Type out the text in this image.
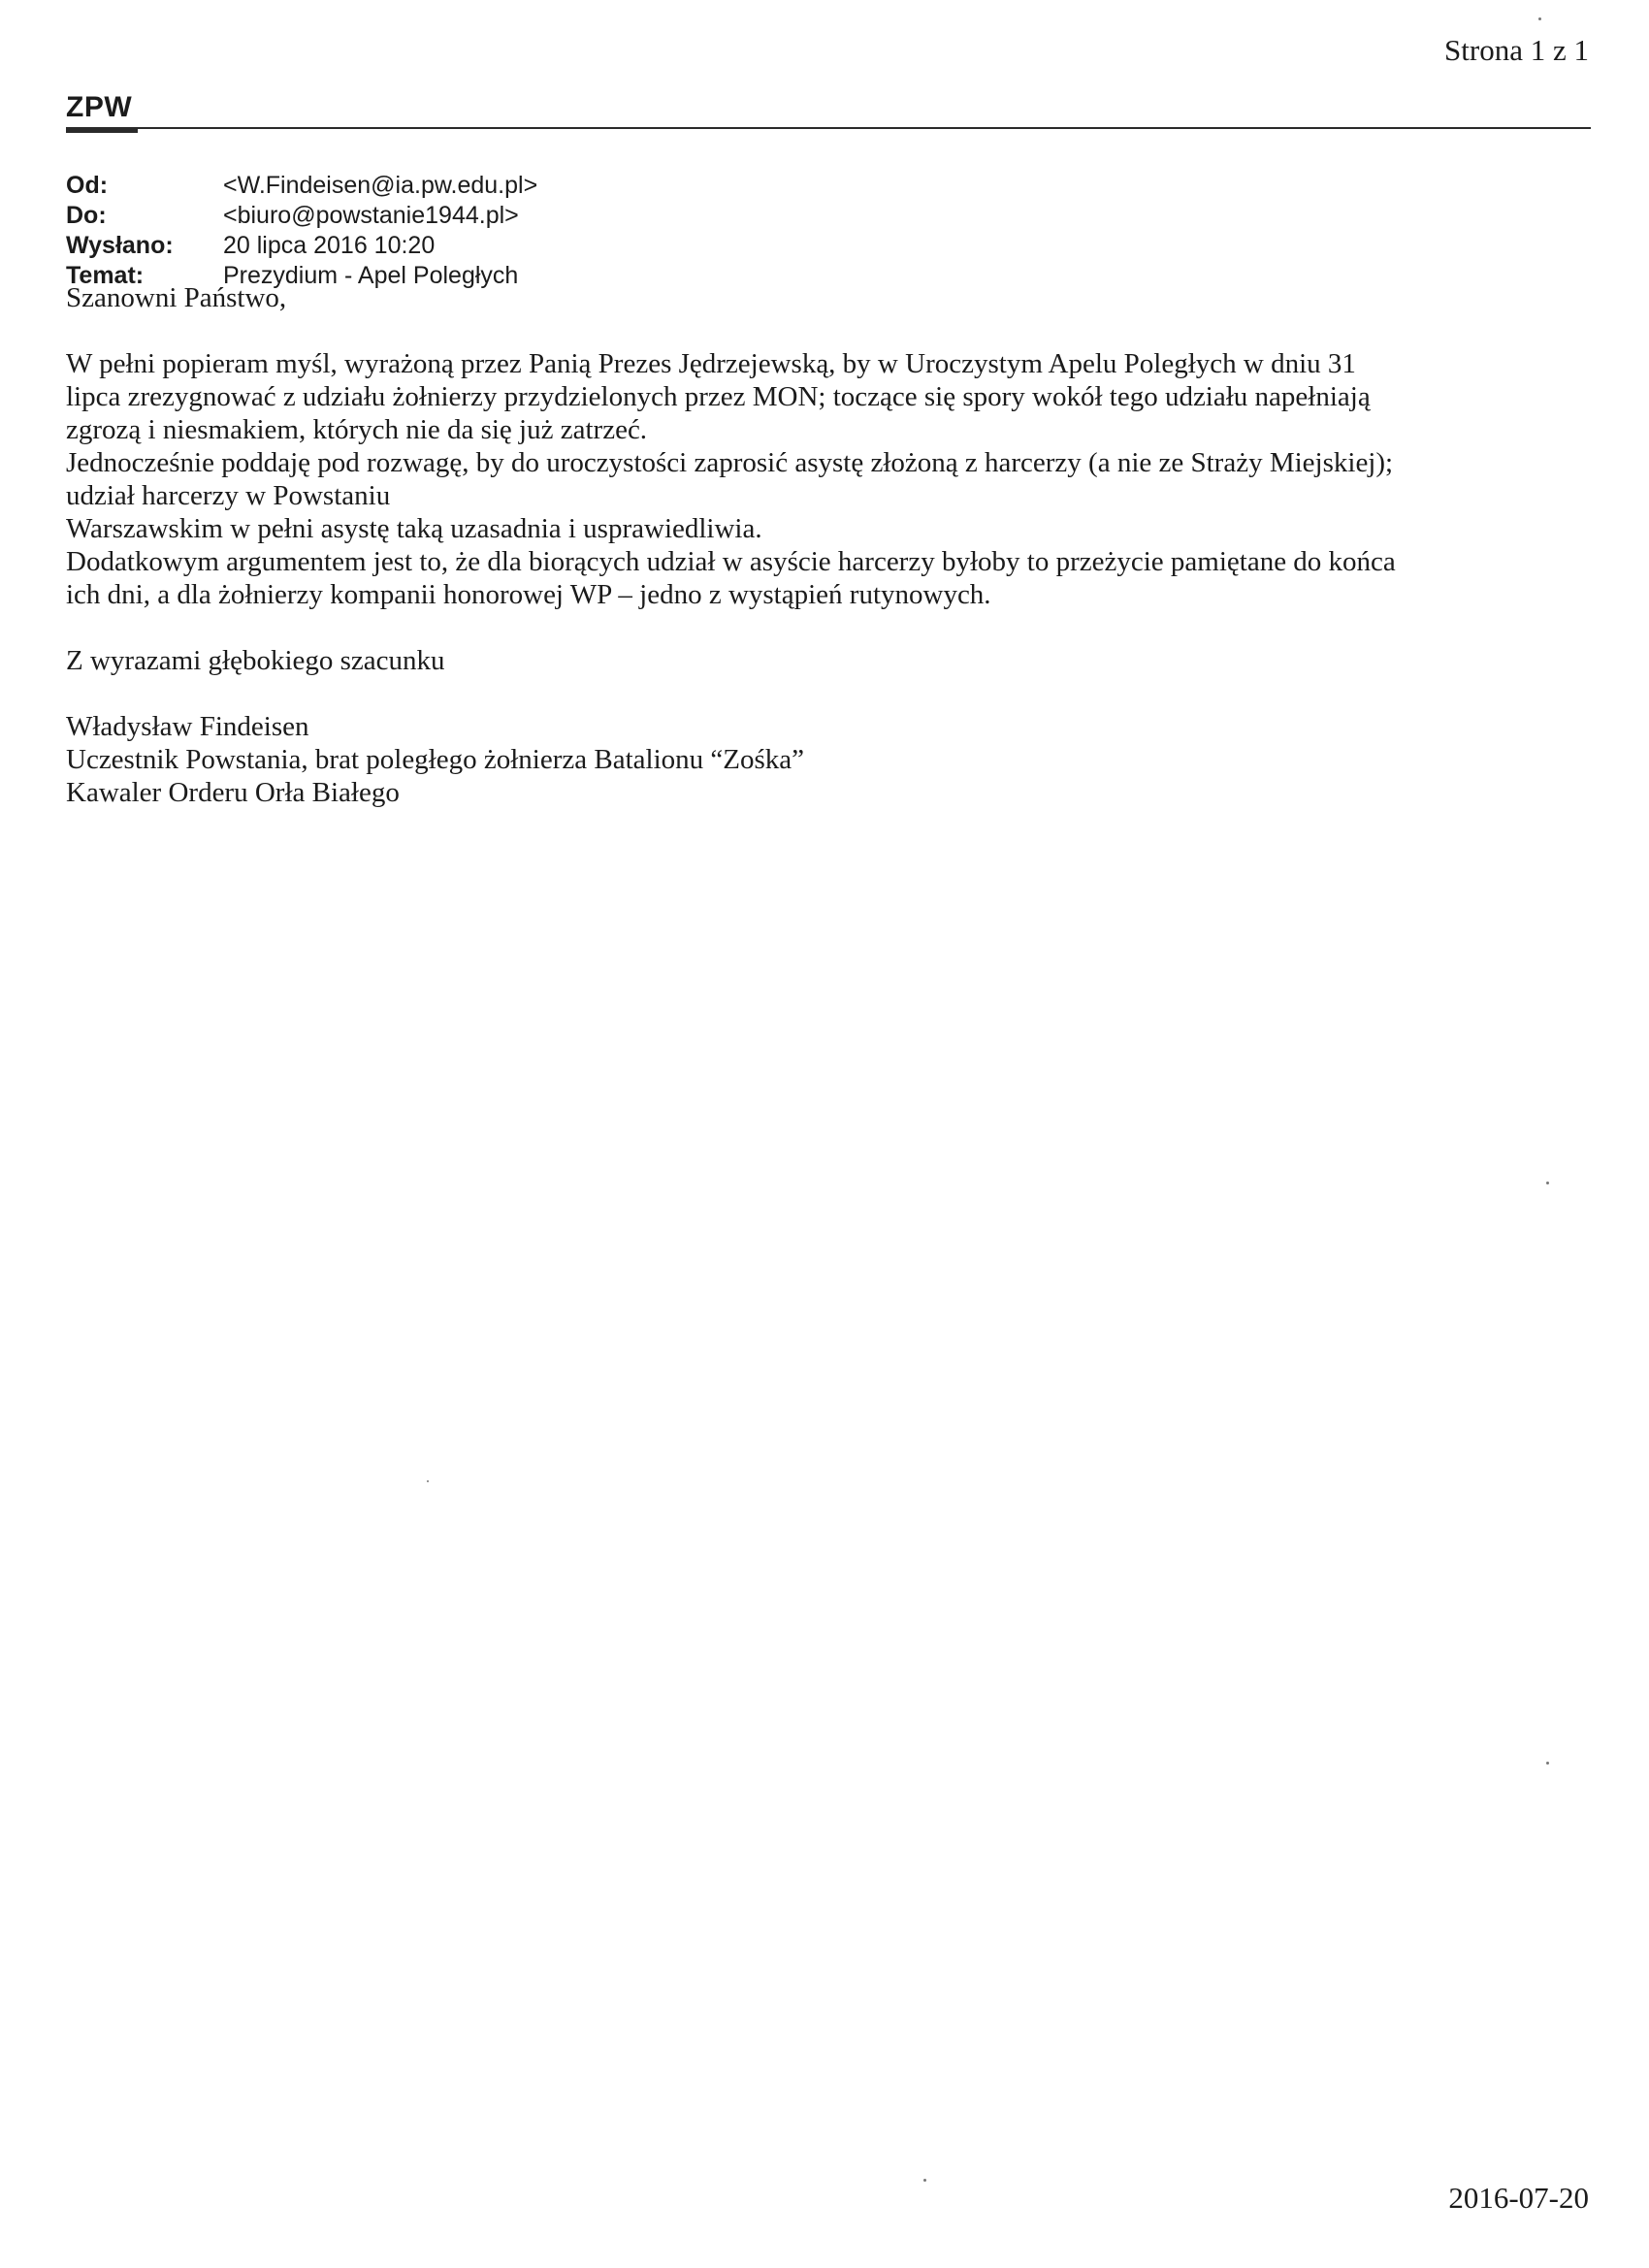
Strona 1 z 1
ZPW
Od:	<W.Findeisen@ia.pw.edu.pl>
Do:	<biuro@powstanie1944.pl>
Wysłano:	20 lipca 2016 10:20
Temat:	Prezydium - Apel Poległych

Szanowni Państwo,

W pełni popieram myśl, wyrażoną przez Panią Prezes Jędrzejewską, by w Uroczystym Apelu Poległych w dniu 31

lipca zrezygnować z udziału żołnierzy przydzielonych przez MON; toczące się spory wokół tego udziału napełniają

zgrozą i niesmakiem, których nie da się już zatrzeć.

Jednocześnie poddaję pod rozwagę, by do uroczystości zaprosić asystę złożoną z harcerzy (a nie ze Straży Miejskiej);

udział harcerzy w Powstaniu

Warszawskim w pełni asystę taką uzasadnia i usprawiedliwia.

Dodatkowym argumentem jest to, że dla biorących udział w asyście harcerzy byłoby to przeżycie pamiętane do końca

ich dni, a dla żołnierzy kompanii honorowej WP – jedno z wystąpień rutynowych.

Z wyrazami głębokiego szacunku

Władysław Findeisen

Uczestnik Powstania, brat poległego żołnierza Batalionu “Zośka”

Kawaler Orderu Orła Białego

2016-07-20
